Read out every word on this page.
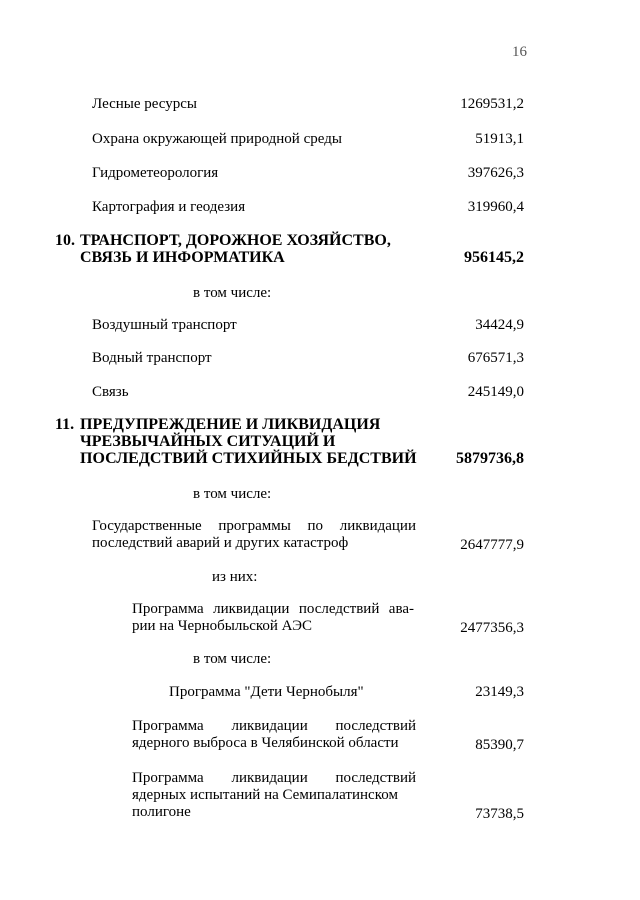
16
Лесные ресурсы	1269531,2
Охрана окружающей природной среды	51913,1
Гидрометеорология	397626,3
Картография и геодезия	319960,4
10. ТРАНСПОРТ, ДОРОЖНОЕ ХОЗЯЙСТВО,
СВЯЗЬ И ИНФОРМАТИКА	956145,2
в том числе:
Воздушный транспорт	34424,9
Водный транспорт	676571,3
Связь	245149,0
11. ПРЕДУПРЕЖДЕНИЕ И ЛИКВИДАЦИЯ
ЧРЕЗВЫЧАЙНЫХ СИТУАЦИЙ И
ПОСЛЕДСТВИЙ СТИХИЙНЫХ БЕДСТВИЙ 5879736,8
в том числе:
Государственные программы по ликвидации
последствий аварий и других катастроф	2647777,9
из них:
Программа ликвидации последствий ава-
рии на Чернобыльской АЭС	2477356,3
в том числе:
Программа "Дети Чернобыля"	23149,3
Программа ликвидации последствий
ядерного выброса в Челябинской области	85390,7
Программа ликвидации последствий
ядерных испытаний на Семипалатинском
полигоне	73738,5
